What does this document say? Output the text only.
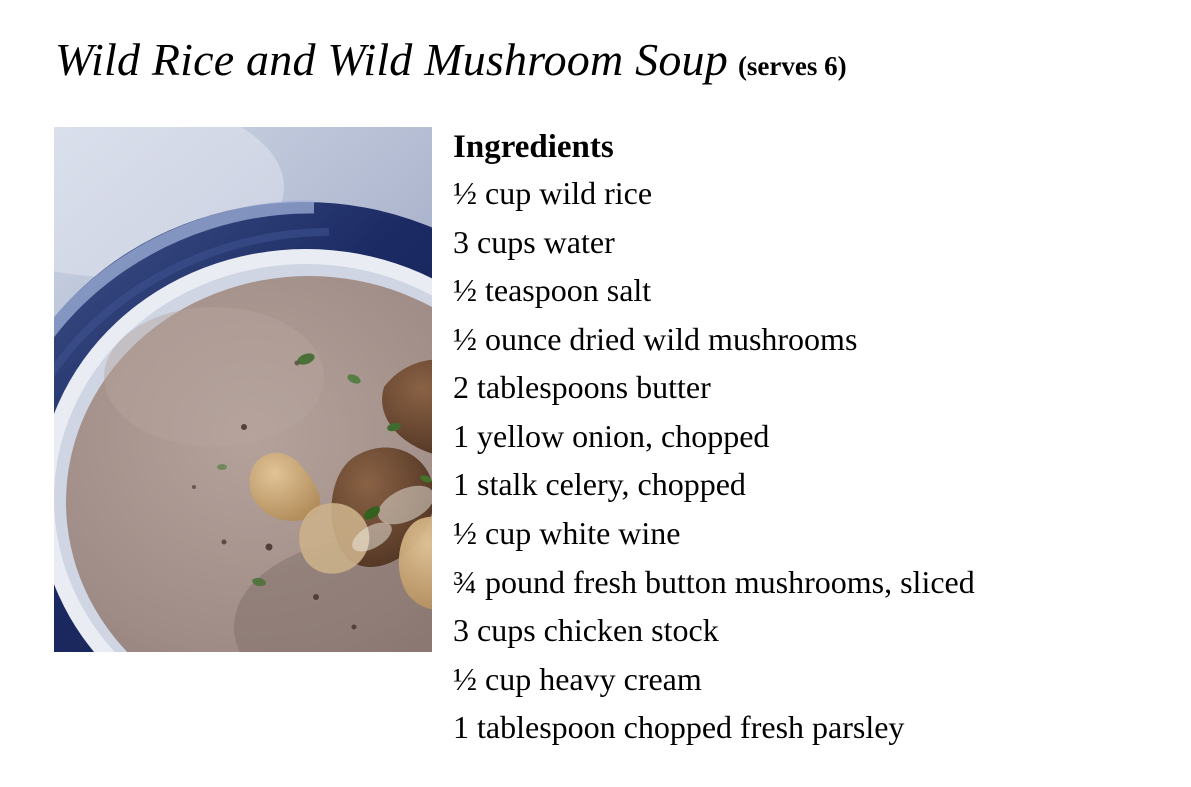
Wild Rice and Wild Mushroom Soup (serves 6)
Ingredients
½ cup wild rice
3 cups water
½ teaspoon salt
½ ounce dried wild mushrooms
2 tablespoons butter
1 yellow onion, chopped
1 stalk celery, chopped
½ cup white wine
¾ pound fresh button mushrooms, sliced
3 cups chicken stock
½ cup heavy cream
1 tablespoon chopped fresh parsley
